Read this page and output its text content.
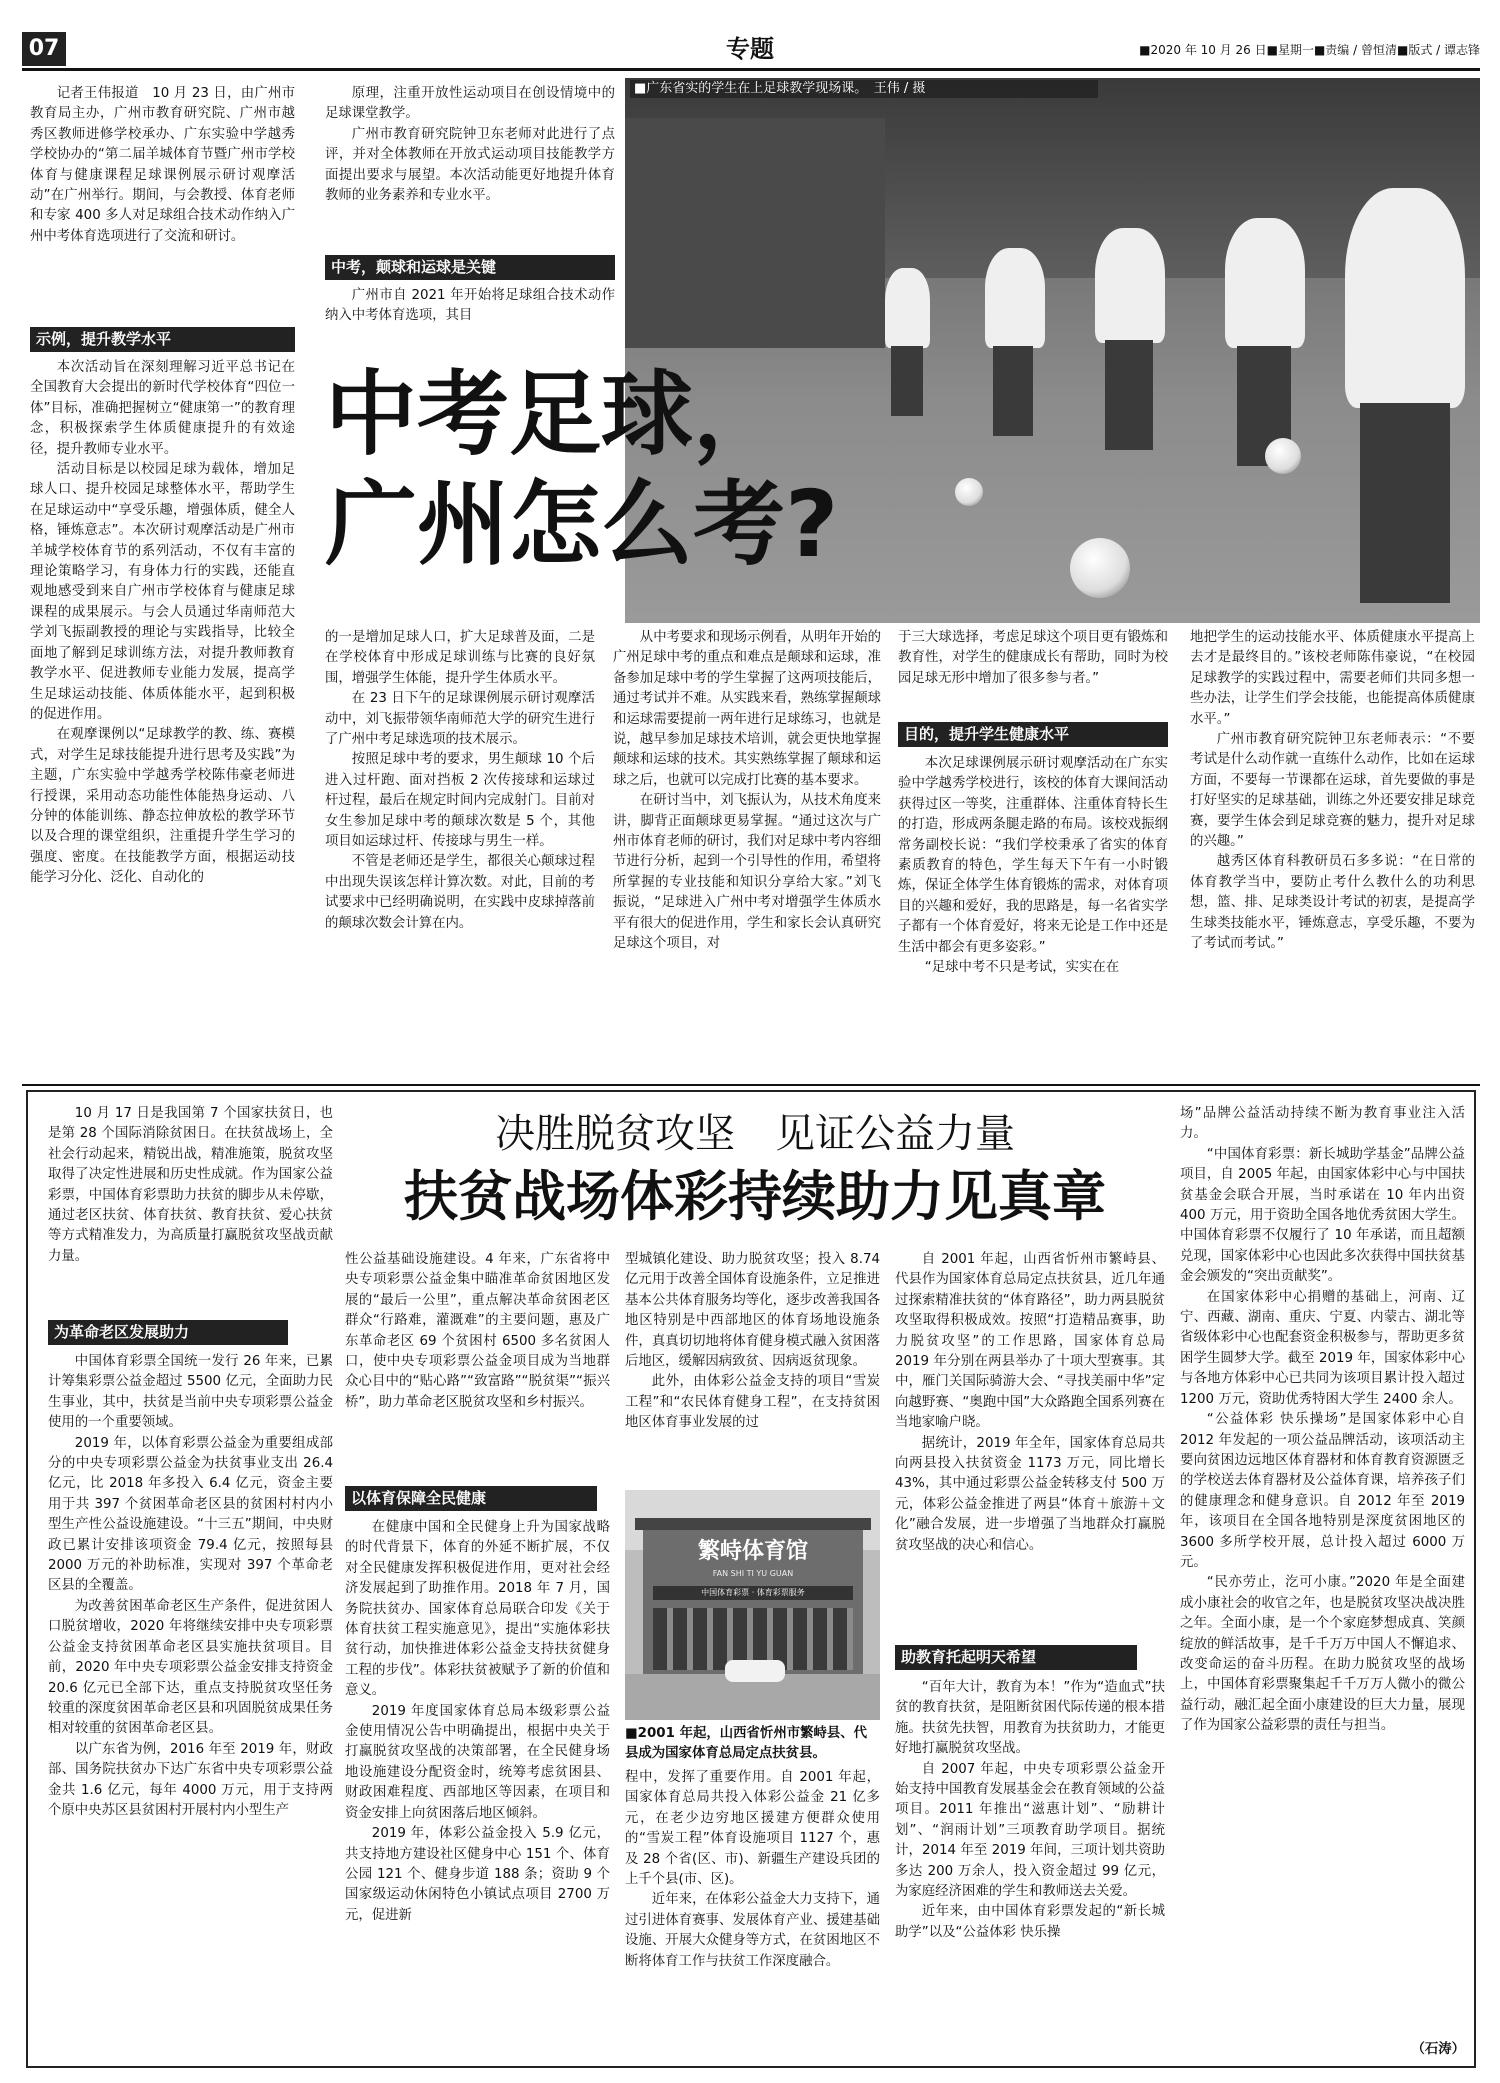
07	专题	■2020 年 10 月 26 日■星期一■责编 / 曾恒清■版式 / 谭志锋
■广东省实的学生在上足球教学现场课。　王伟 / 摄
中考足球，
广州怎么考?

记者王伟报道　10 月 23 日，由广州市教育局主办，广州市教育研究院、广州市越秀区教师进修学校承办、广东实验中学越秀学校协办的“第二届羊城体育节暨广州市学校体育与健康课程足球课例展示研讨观摩活动”在广州举行。期间，与会教授、体育老师和专家 400 多人对足球组合技术动作纳入广州中考体育选项进行了交流和研讨。

示例，提升教学水平

本次活动旨在深刻理解习近平总书记在全国教育大会提出的新时代学校体育“四位一体”目标，准确把握树立“健康第一”的教育理念，积极探索学生体质健康提升的有效途径，提升教师专业水平。

活动目标是以校园足球为载体，增加足球人口、提升校园足球整体水平，帮助学生在足球运动中“享受乐趣，增强体质，健全人格，锤炼意志”。本次研讨观摩活动是广州市羊城学校体育节的系列活动，不仅有丰富的理论策略学习，有身体力行的实践，还能直观地感受到来自广州市学校体育与健康足球课程的成果展示。与会人员通过华南师范大学刘飞振副教授的理论与实践指导，比较全面地了解到足球训练方法，对提升教师教育教学水平、促进教师专业能力发展，提高学生足球运动技能、体质体能水平，起到积极的促进作用。

在观摩课例以“足球教学的教、练、赛模式，对学生足球技能提升进行思考及实践”为主题，广东实验中学越秀学校陈伟豪老师进行授课，采用动态功能性体能热身运动、八分钟的体能训练、静态拉伸放松的教学环节以及合理的课堂组织，注重提升学生学习的强度、密度。在技能教学方面，根据运动技能学习分化、泛化、自动化的

原理，注重开放性运动项目在创设情境中的足球课堂教学。

广州市教育研究院钟卫东老师对此进行了点评，并对全体教师在开放式运动项目技能教学方面提出要求与展望。本次活动能更好地提升体育教师的业务素养和专业水平。

中考，颠球和运球是关键

广州市自 2021 年开始将足球组合技术动作纳入中考体育选项，其目

的一是增加足球人口，扩大足球普及面，二是在学校体育中形成足球训练与比赛的良好氛围，增强学生体能，提升学生体质水平。

在 23 日下午的足球课例展示研讨观摩活动中，刘飞振带领华南师范大学的研究生进行了广州中考足球选项的技术展示。

按照足球中考的要求，男生颠球 10 个后进入过杆跑、面对挡板 2 次传接球和运球过杆过程，最后在规定时间内完成射门。目前对女生参加足球中考的颠球次数是 5 个，其他项目如运球过杆、传接球与男生一样。

不管是老师还是学生，都很关心颠球过程中出现失误该怎样计算次数。对此，目前的考试要求中已经明确说明，在实践中皮球掉落前的颠球次数会计算在内。

从中考要求和现场示例看，从明年开始的广州足球中考的重点和难点是颠球和运球，准备参加足球中考的学生掌握了这两项技能后，通过考试并不难。从实践来看，熟练掌握颠球和运球需要提前一两年进行足球练习，也就是说，越早参加足球技术培训，就会更快地掌握颠球和运球的技术。其实熟练掌握了颠球和运球之后，也就可以完成打比赛的基本要求。

在研讨当中，刘飞振认为，从技术角度来讲，脚背正面颠球更易掌握。“通过这次与广州市体育老师的研讨，我们对足球中考内容细节进行分析，起到一个引导性的作用，希望将所掌握的专业技能和知识分享给大家。”刘飞振说，“足球进入广州中考对增强学生体质水平有很大的促进作用，学生和家长会认真研究足球这个项目，对

于三大球选择，考虑足球这个项目更有锻炼和教育性，对学生的健康成长有帮助，同时为校园足球无形中增加了很多参与者。”

目的，提升学生健康水平

本次足球课例展示研讨观摩活动在广东实验中学越秀学校进行，该校的体育大课间活动获得过区一等奖，注重群体、注重体育特长生的打造，形成两条腿走路的布局。该校戏振纲常务副校长说：“我们学校秉承了省实的体育素质教育的特色，学生每天下午有一小时锻炼，保证全体学生体育锻炼的需求，对体育项目的兴趣和爱好，我的思路是，每一名省实学子都有一个体育爱好，将来无论是工作中还是生活中都会有更多姿彩。”

“足球中考不只是考试，实实在在

地把学生的运动技能水平、体质健康水平提高上去才是最终目的。”该校老师陈伟豪说，“在校园足球教学的实践过程中，需要老师们共同多想一些办法，让学生们学会技能，也能提高体质健康水平。”

广州市教育研究院钟卫东老师表示：“不要考试是什么动作就一直练什么动作，比如在运球方面，不要每一节课都在运球，首先要做的事是打好坚实的足球基础，训练之外还要安排足球竞赛，要学生体会到足球竞赛的魅力，提升对足球的兴趣。”

越秀区体育科教研员石多多说：“在日常的体育教学当中，要防止考什么教什么的功利思想，篮、排、足球类设计考试的初衷，是提高学生球类技能水平，锤炼意志，享受乐趣，不要为了考试而考试。”

10 月 17 日是我国第 7 个国家扶贫日，也是第 28 个国际消除贫困日。在扶贫战场上，全社会行动起来，精锐出战，精准施策，脱贫攻坚取得了决定性进展和历史性成就。作为国家公益彩票，中国体育彩票助力扶贫的脚步从未停歇，通过老区扶贫、体育扶贫、教育扶贫、爱心扶贫等方式精准发力，为高质量打赢脱贫攻坚战贡献力量。

决胜脱贫攻坚　见证公益力量
扶贫战场体彩持续助力见真章
为革命老区发展助力

中国体育彩票全国统一发行 26 年来，已累计筹集彩票公益金超过 5500 亿元，全面助力民生事业，其中，扶贫是当前中央专项彩票公益金使用的一个重要领域。

2019 年，以体育彩票公益金为重要组成部分的中央专项彩票公益金为扶贫事业支出 26.4 亿元，比 2018 年多投入 6.4 亿元，资金主要用于共 397 个贫困革命老区县的贫困村村内小型生产性公益设施建设。“十三五”期间，中央财政已累计安排该项资金 79.4 亿元，按照每县 2000 万元的补助标准，实现对 397 个革命老区县的全覆盖。

为改善贫困革命老区生产条件，促进贫困人口脱贫增收，2020 年将继续安排中央专项彩票公益金支持贫困革命老区县实施扶贫项目。目前，2020 年中央专项彩票公益金安排支持资金 20.6 亿元已全部下达，重点支持脱贫攻坚任务较重的深度贫困革命老区县和巩固脱贫成果任务相对较重的贫困革命老区县。

以广东省为例，2016 年至 2019 年，财政部、国务院扶贫办下达广东省中央专项彩票公益金共 1.6 亿元，每年 4000 万元，用于支持两个原中央苏区县贫困村开展村内小型生产

性公益基础设施建设。4 年来，广东省将中央专项彩票公益金集中瞄准革命贫困地区发展的“最后一公里”，重点解决革命贫困老区群众“行路难，灌溉难”的主要问题，惠及广东革命老区 69 个贫困村 6500 多名贫困人口，使中央专项彩票公益金项目成为当地群众心目中的“贴心路”“致富路”“脱贫渠”“振兴桥”，助力革命老区脱贫攻坚和乡村振兴。

以体育保障全民健康

在健康中国和全民健身上升为国家战略的时代背景下，体育的外延不断扩展，不仅对全民健康发挥积极促进作用，更对社会经济发展起到了助推作用。2018 年 7 月，国务院扶贫办、国家体育总局联合印发《关于体育扶贫工程实施意见》，提出“实施体彩扶贫行动，加快推进体彩公益金支持扶贫健身工程的步伐”。体彩扶贫被赋予了新的价值和意义。

2019 年度国家体育总局本级彩票公益金使用情况公告中明确提出，根据中央关于打赢脱贫攻坚战的决策部署，在全民健身场地设施建设分配资金时，统筹考虑贫困县、财政困难程度、西部地区等因素，在项目和资金安排上向贫困落后地区倾斜。

2019 年，体彩公益金投入 5.9 亿元，共支持地方建设社区健身中心 151 个、体育公园 121 个、健身步道 188 条；资助 9 个国家级运动休闲特色小镇试点项目 2700 万元，促进新

型城镇化建设、助力脱贫攻坚；投入 8.74 亿元用于改善全国体育设施条件，立足推进基本公共体育服务均等化，逐步改善我国各地区特别是中西部地区的体育场地设施条件，真真切切地将体育健身模式融入贫困落后地区，缓解因病致贫、因病返贫现象。

此外，由体彩公益金支持的项目“雪炭工程”和“农民体育健身工程”，在支持贫困地区体育事业发展的过

繁峙体育馆
FAN SHI TI YU GUAN
中国体育彩票 · 体育彩票服务
■2001 年起，山西省忻州市繁峙县、代县成为国家体育总局定点扶贫县。

程中，发挥了重要作用。自 2001 年起，国家体育总局共投入体彩公益金 21 亿多元，在老少边穷地区援建方便群众使用的“雪炭工程”体育设施项目 1127 个，惠及 28 个省(区、市)、新疆生产建设兵团的上千个县(市、区)。

近年来，在体彩公益金大力支持下，通过引进体育赛事、发展体育产业、援建基础设施、开展大众健身等方式，在贫困地区不断将体育工作与扶贫工作深度融合。

自 2001 年起，山西省忻州市繁峙县、代县作为国家体育总局定点扶贫县，近几年通过探索精准扶贫的“体育路径”，助力两县脱贫攻坚取得积极成效。按照“打造精品赛事，助力脱贫攻坚”的工作思路，国家体育总局 2019 年分别在两县举办了十项大型赛事。其中，雁门关国际骑游大会、“寻找美丽中华”定向越野赛、“奥跑中国”大众路跑全国系列赛在当地家喻户晓。

据统计，2019 年全年，国家体育总局共向两县投入扶贫资金 1173 万元，同比增长 43%，其中通过彩票公益金转移支付 500 万元，体彩公益金推进了两县“体育＋旅游＋文化”融合发展，进一步增强了当地群众打赢脱贫攻坚战的决心和信心。

助教育托起明天希望

“百年大计，教育为本！”作为“造血式”扶贫的教育扶贫，是阻断贫困代际传递的根本措施。扶贫先扶智，用教育为扶贫助力，才能更好地打赢脱贫攻坚战。

自 2007 年起，中央专项彩票公益金开始支持中国教育发展基金会在教育领域的公益项目。2011 年推出“滋惠计划”、“励耕计划”、“润雨计划”三项教育助学项目。据统计，2014 年至 2019 年间，三项计划共资助多达 200 万余人，投入资金超过 99 亿元，为家庭经济困难的学生和教师送去关爱。

近年来，由中国体育彩票发起的“新长城助学”以及“公益体彩 快乐操

场”品牌公益活动持续不断为教育事业注入活力。

“中国体育彩票：新长城助学基金”品牌公益项目，自 2005 年起，由国家体彩中心与中国扶贫基金会联合开展，当时承诺在 10 年内出资 400 万元，用于资助全国各地优秀贫困大学生。中国体育彩票不仅履行了 10 年承诺，而且超额兑现，国家体彩中心也因此多次获得中国扶贫基金会颁发的“突出贡献奖”。

在国家体彩中心捐赠的基础上，河南、辽宁、西藏、湖南、重庆、宁夏、内蒙古、湖北等省级体彩中心也配套资金积极参与，帮助更多贫困学生圆梦大学。截至 2019 年，国家体彩中心与各地方体彩中心已共同为该项目累计投入超过 1200 万元，资助优秀特困大学生 2400 余人。

“公益体彩 快乐操场”是国家体彩中心自 2012 年发起的一项公益品牌活动，该项活动主要向贫困边远地区体育器材和体育教育资源匮乏的学校送去体育器材及公益体育课，培养孩子们的健康理念和健身意识。自 2012 年至 2019 年，该项目在全国各地特别是深度贫困地区的 3600 多所学校开展，总计投入超过 6000 万元。

“民亦劳止，汔可小康。”2020 年是全面建成小康社会的收官之年，也是脱贫攻坚决战决胜之年。全面小康，是一个个家庭梦想成真、笑颜绽放的鲜活故事，是千千万万中国人不懈追求、改变命运的奋斗历程。在助力脱贫攻坚的战场上，中国体育彩票聚集起千千万万人微小的微公益行动，融汇起全面小康建设的巨大力量，展现了作为国家公益彩票的责任与担当。

（石涛）
